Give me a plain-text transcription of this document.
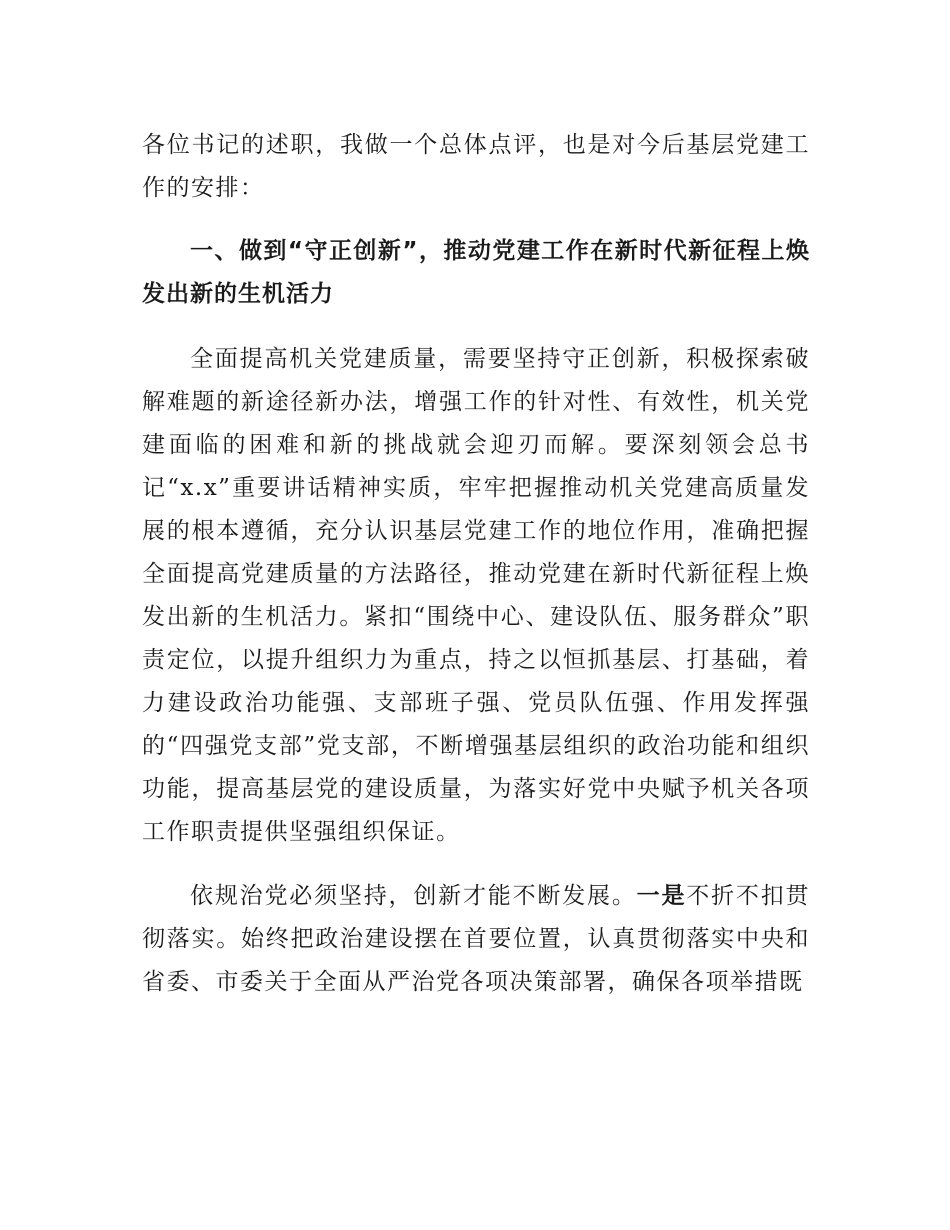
各位书记的述职，我做一个总体点评，也是对今后基层党建工作的安排：

一、做到“守正创新”，推动党建工作在新时代新征程上焕发出新的生机活力

全面提高机关党建质量，需要坚持守正创新，积极探索破解难题的新途径新办法，增强工作的针对性、有效性，机关党建面临的困难和新的挑战就会迎刃而解。要深刻领会总书记“x.x”重要讲话精神实质，牢牢把握推动机关党建高质量发展的根本遵循，充分认识基层党建工作的地位作用，准确把握全面提高党建质量的方法路径，推动党建在新时代新征程上焕发出新的生机活力。紧扣“围绕中心、建设队伍、服务群众”职责定位，以提升组织力为重点，持之以恒抓基层、打基础，着力建设政治功能强、支部班子强、党员队伍强、作用发挥强的“四强党支部”党支部，不断增强基层组织的政治功能和组织功能，提高基层党的建设质量，为落实好党中央赋予机关各项工作职责提供坚强组织保证。

依规治党必须坚持，创新才能不断发展。一是不折不扣贯彻落实。始终把政治建设摆在首要位置，认真贯彻落实中央和省委、市委关于全面从严治党各项决策部署，确保各项举措既
